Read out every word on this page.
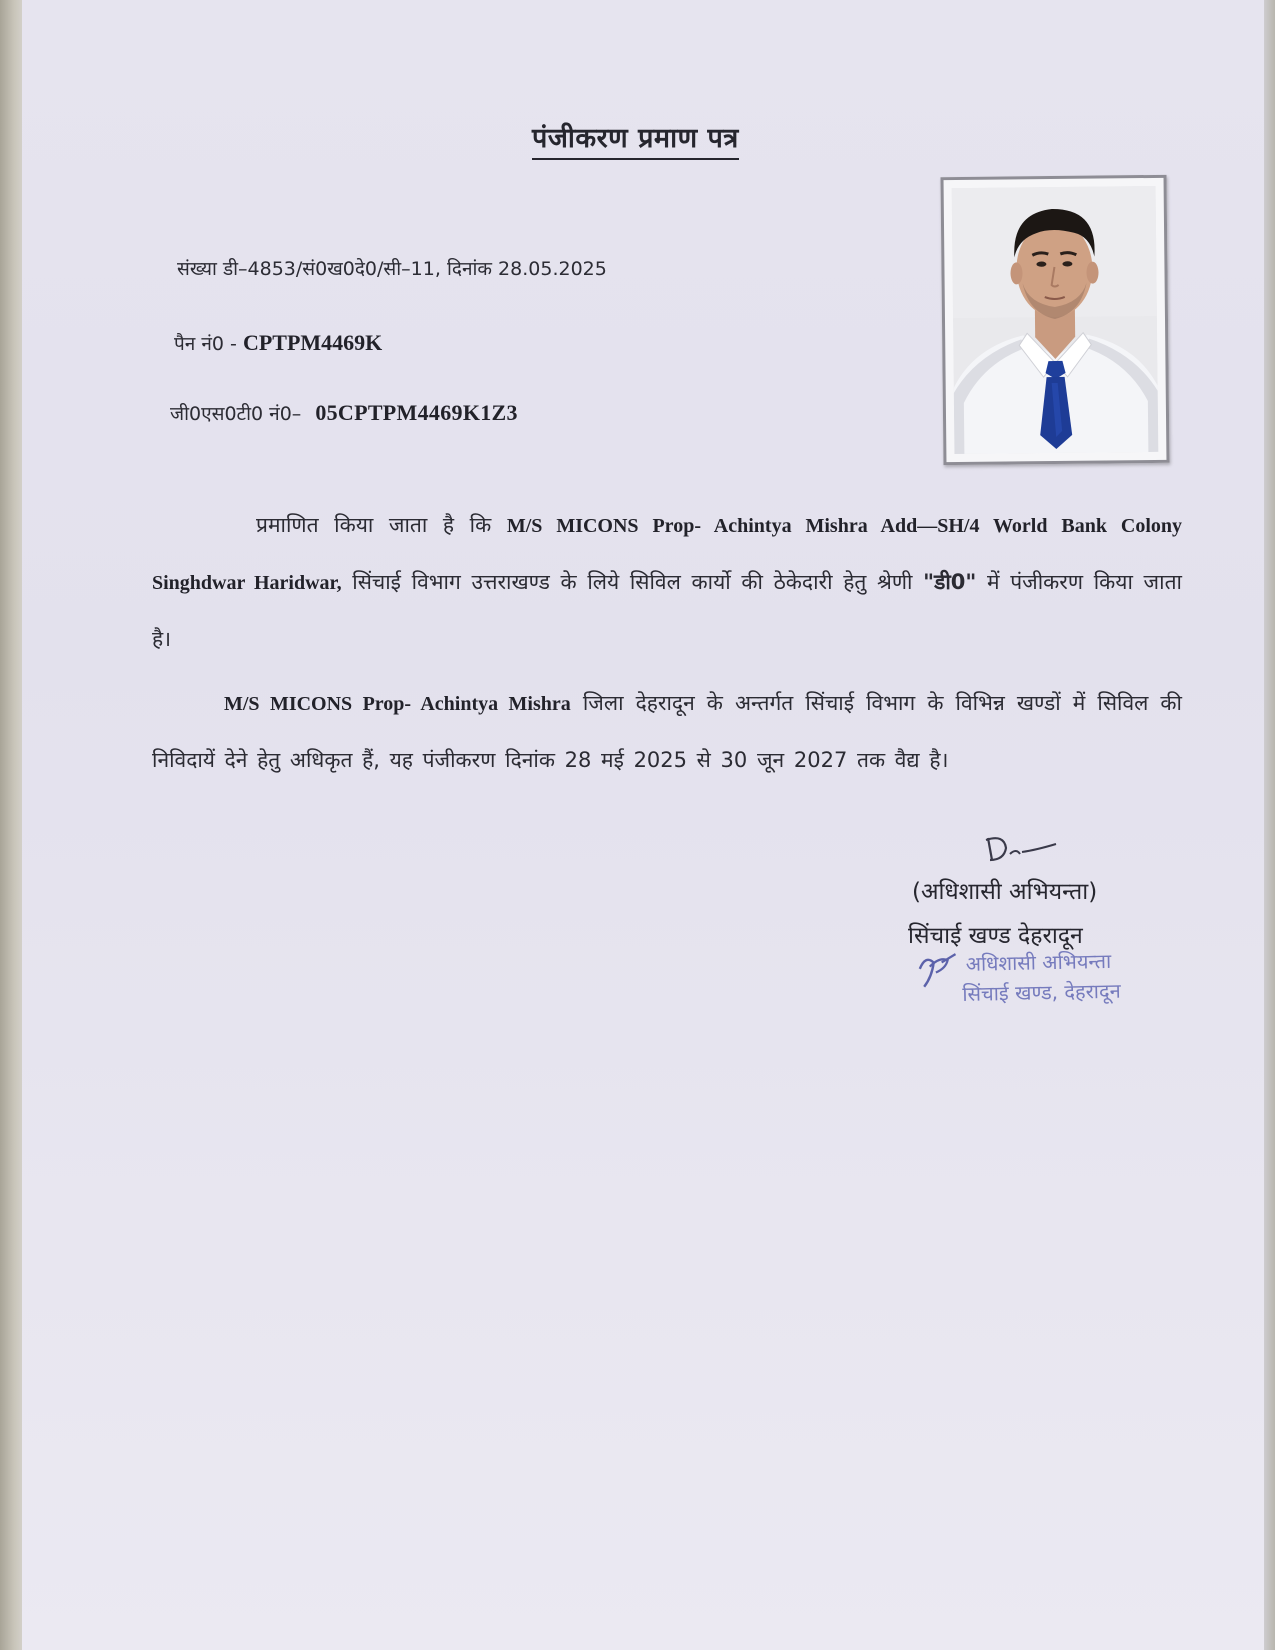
पंजीकरण प्रमाण पत्र
संख्या डी–4853/सं0ख0दे0/सी–11, दिनांक 28.05.2025
पैन नं0 - CPTPM4469K
जी0एस0टी0 नं0– 05CPTPM4469K1Z3
प्रमाणित किया जाता है कि M/S MICONS Prop- Achintya Mishra Add—SH/4 World Bank Colony Singhdwar Haridwar, सिंचाई विभाग उत्तराखण्ड के लिये सिविल कार्यो की ठेकेदारी हेतु श्रेणी "डी0" में पंजीकरण किया जाता है।
M/S MICONS Prop- Achintya Mishra जिला देहरादून के अन्तर्गत सिंचाई विभाग के विभिन्न खण्डों में सिविल की निविदायें देने हेतु अधिकृत हैं, यह पंजीकरण दिनांक 28 मई 2025 से 30 जून 2027 तक वैद्य है।
(अधिशासी अभियन्ता)
सिंचाई खण्ड देहरादून
अधिशासी अभियन्ता
सिंचाई खण्ड, देहरादून
